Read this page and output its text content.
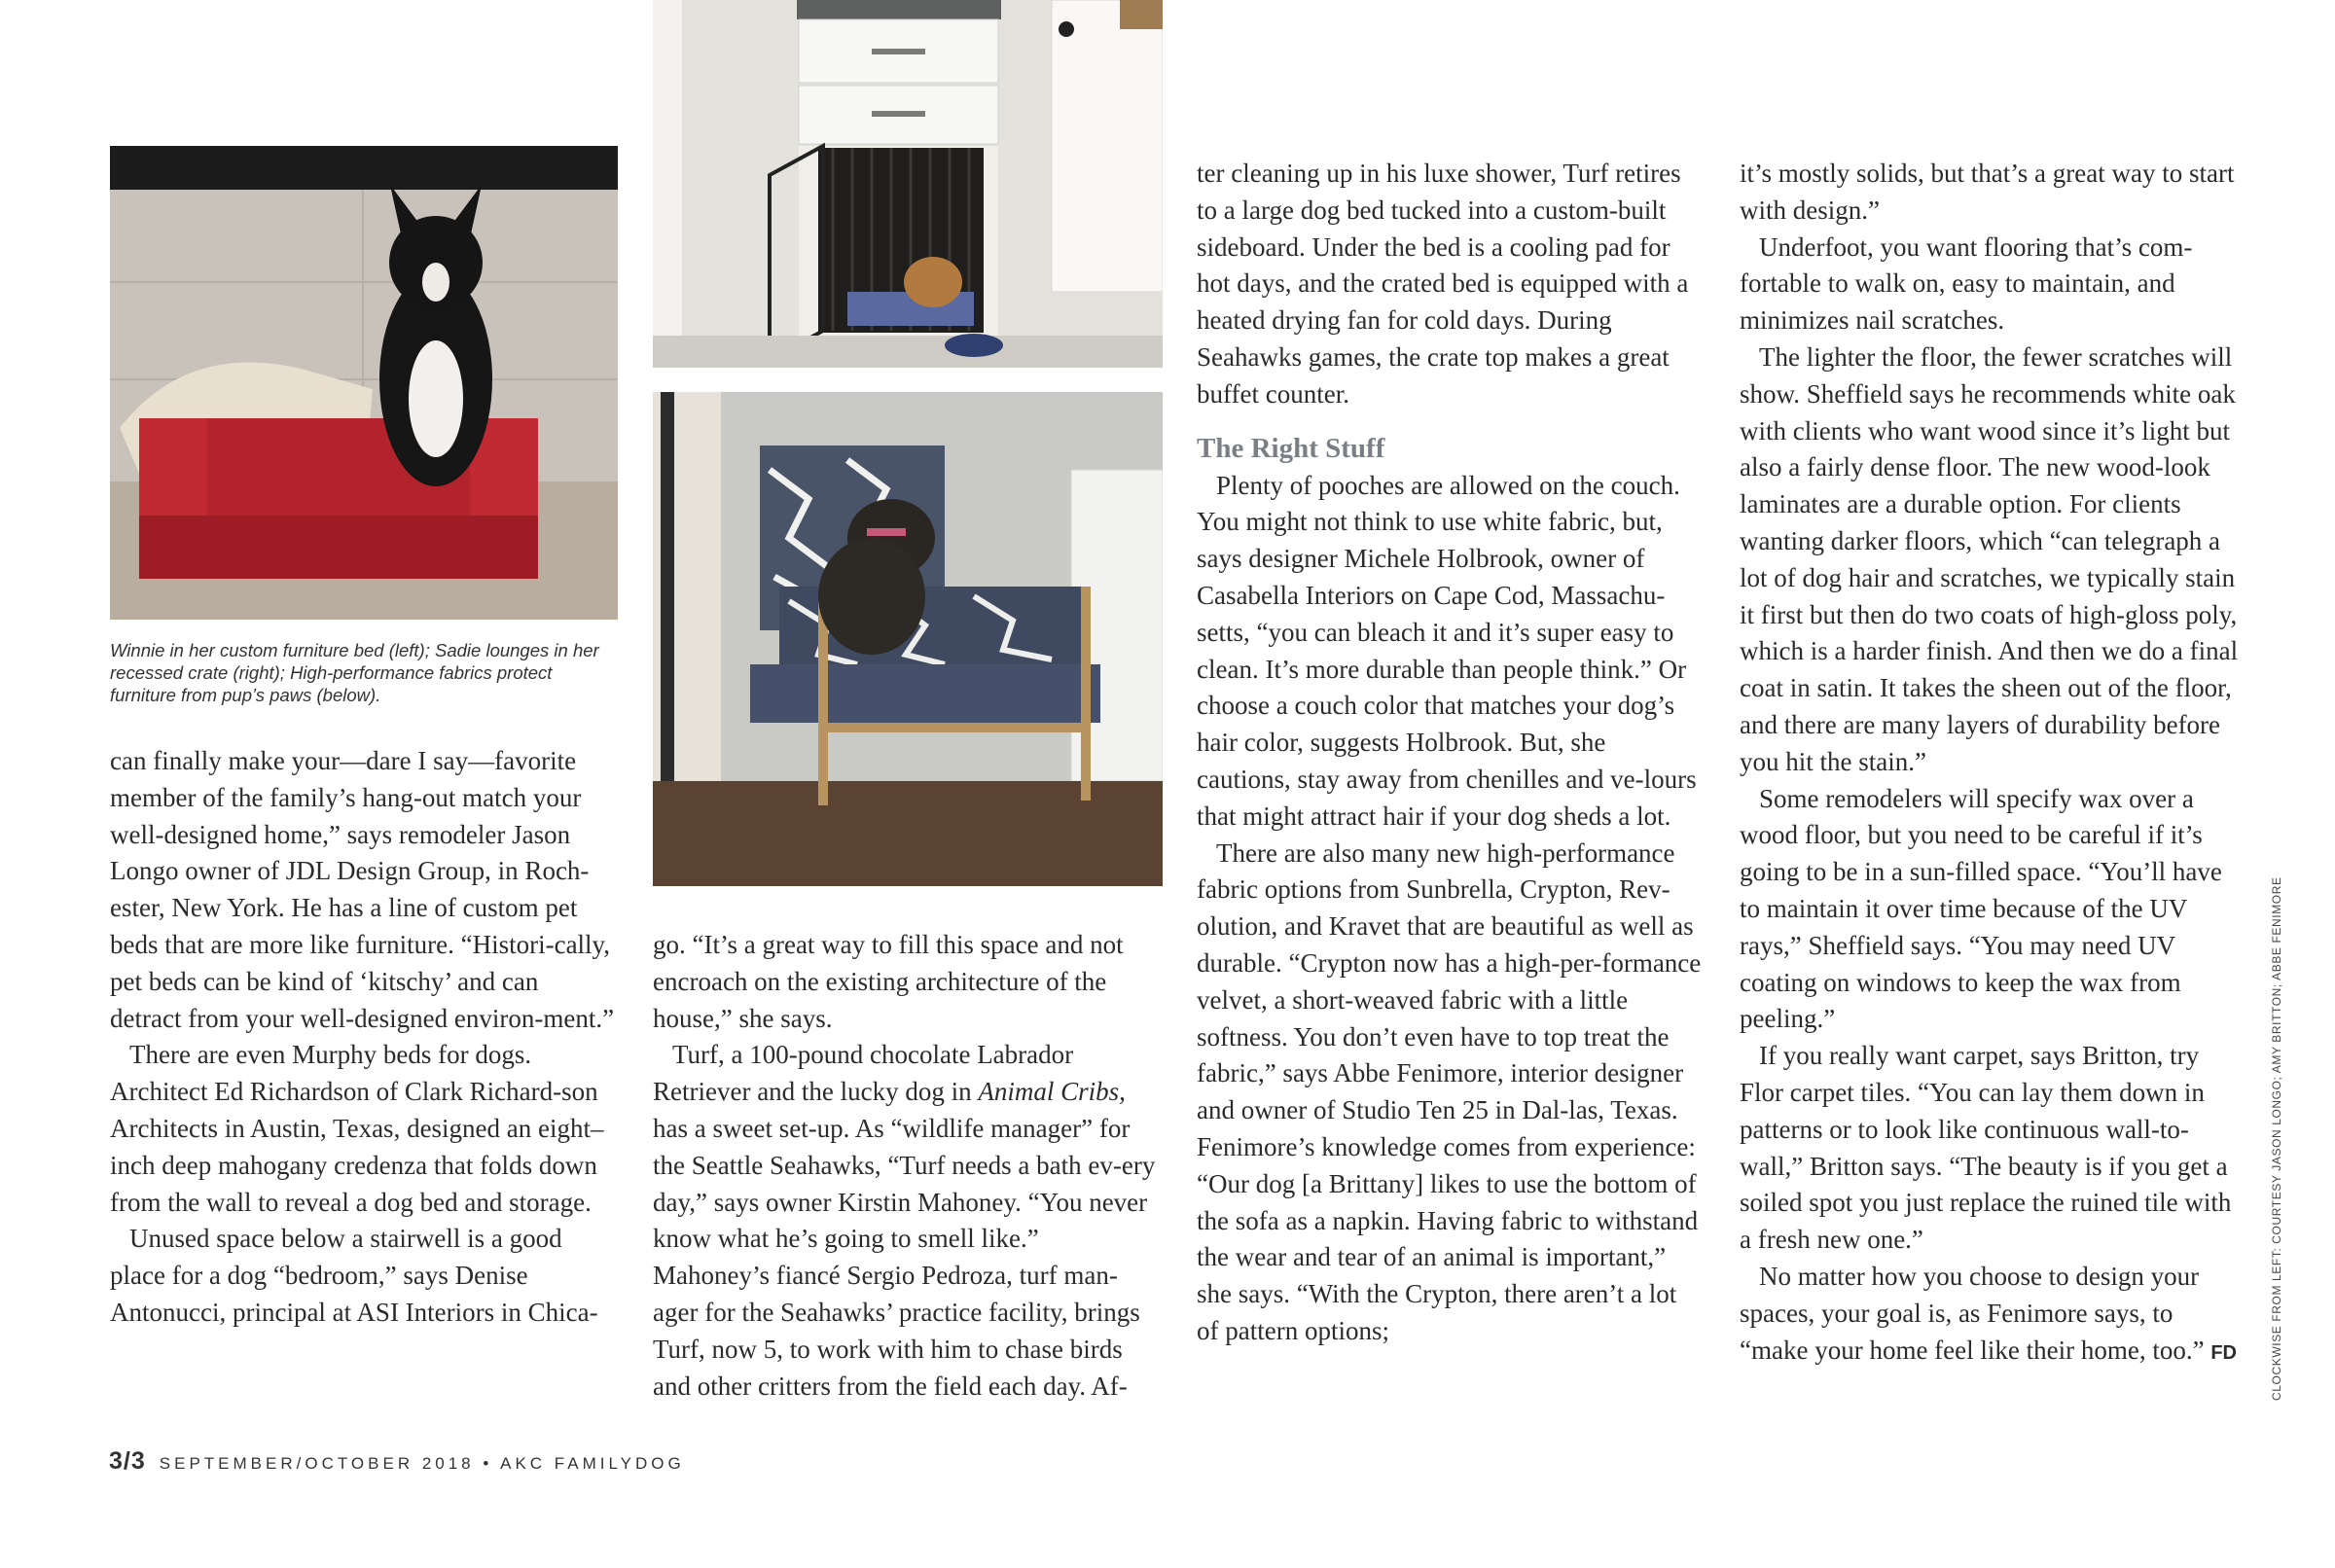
Winnie in her custom furniture bed (left); Sadie lounges in her recessed crate (right); High-performance fabrics protect furniture from pup’s paws (below).

can finally make your—dare I say—favorite member of the family’s hang-out match your well-designed home,” says remodeler Jason Longo owner of JDL Design Group, in Roch-ester, New York. He has a line of custom pet beds that are more like furniture. “Histori-cally, pet beds can be kind of ‘kitschy’ and can detract from your well-designed environ-ment.”

There are even Murphy beds for dogs. Architect Ed Richardson of Clark Richard-son Architects in Austin, Texas, designed an eight–inch deep mahogany credenza that folds down from the wall to reveal a dog bed and storage.

Unused space below a stairwell is a good place for a dog “bedroom,” says Denise Antonucci, principal at ASI Interiors in Chica-

go. “It’s a great way to fill this space and not encroach on the existing architecture of the house,” she says.

Turf, a 100-pound chocolate Labrador Retriever and the lucky dog in Animal Cribs, has a sweet set-up. As “wildlife manager” for the Seattle Seahawks, “Turf needs a bath ev-ery day,” says owner Kirstin Mahoney. “You never know what he’s going to smell like.” Mahoney’s fiancé Sergio Pedroza, turf man-ager for the Seahawks’ practice facility, brings Turf, now 5, to work with him to chase birds and other critters from the field each day. Af-

ter cleaning up in his luxe shower, Turf retires to a large dog bed tucked into a custom-built sideboard. Under the bed is a cooling pad for hot days, and the crated bed is equipped with a heated drying fan for cold days. During Seahawks games, the crate top makes a great buffet counter.

The Right Stuff

Plenty of pooches are allowed on the couch. You might not think to use white fabric, but, says designer Michele Holbrook, owner of Casabella Interiors on Cape Cod, Massachu-setts, “you can bleach it and it’s super easy to clean. It’s more durable than people think.” Or choose a couch color that matches your dog’s hair color, suggests Holbrook. But, she cautions, stay away from chenilles and ve-lours that might attract hair if your dog sheds a lot.

There are also many new high-performance fabric options from Sunbrella, Crypton, Rev-olution, and Kravet that are beautiful as well as durable. “Crypton now has a high-per-formance velvet, a short-weaved fabric with a little softness. You don’t even have to top treat the fabric,” says Abbe Fenimore, interior designer and owner of Studio Ten 25 in Dal-las, Texas. Fenimore’s knowledge comes from experience: “Our dog [a Brittany] likes to use the bottom of the sofa as a napkin. Having fabric to withstand the wear and tear of an animal is important,” she says. “With the Crypton, there aren’t a lot of pattern options;

it’s mostly solids, but that’s a great way to start with design.”

Underfoot, you want flooring that’s com-fortable to walk on, easy to maintain, and minimizes nail scratches.

The lighter the floor, the fewer scratches will show. Sheffield says he recommends white oak with clients who want wood since it’s light but also a fairly dense floor. The new wood-look laminates are a durable option. For clients wanting darker floors, which “can telegraph a lot of dog hair and scratches, we typically stain it first but then do two coats of high-gloss poly, which is a harder finish. And then we do a final coat in satin. It takes the sheen out of the floor, and there are many layers of durability before you hit the stain.”

Some remodelers will specify wax over a wood floor, but you need to be careful if it’s going to be in a sun-filled space. “You’ll have to maintain it over time because of the UV rays,” Sheffield says. “You may need UV coating on windows to keep the wax from peeling.”

If you really want carpet, says Britton, try Flor carpet tiles. “You can lay them down in patterns or to look like continuous wall-to-wall,” Britton says. “The beauty is if you get a soiled spot you just replace the ruined tile with a fresh new one.”

No matter how you choose to design your spaces, your goal is, as Fenimore says, to “make your home feel like their home, too.” FD	CLOCKWISE FROM LEFT: COURTESY JASON LONGO; AMY BRITTON; ABBE FENIMORE
3/3 SEPTEMBER/OCTOBER 2018 • AKC FAMILYDOG
